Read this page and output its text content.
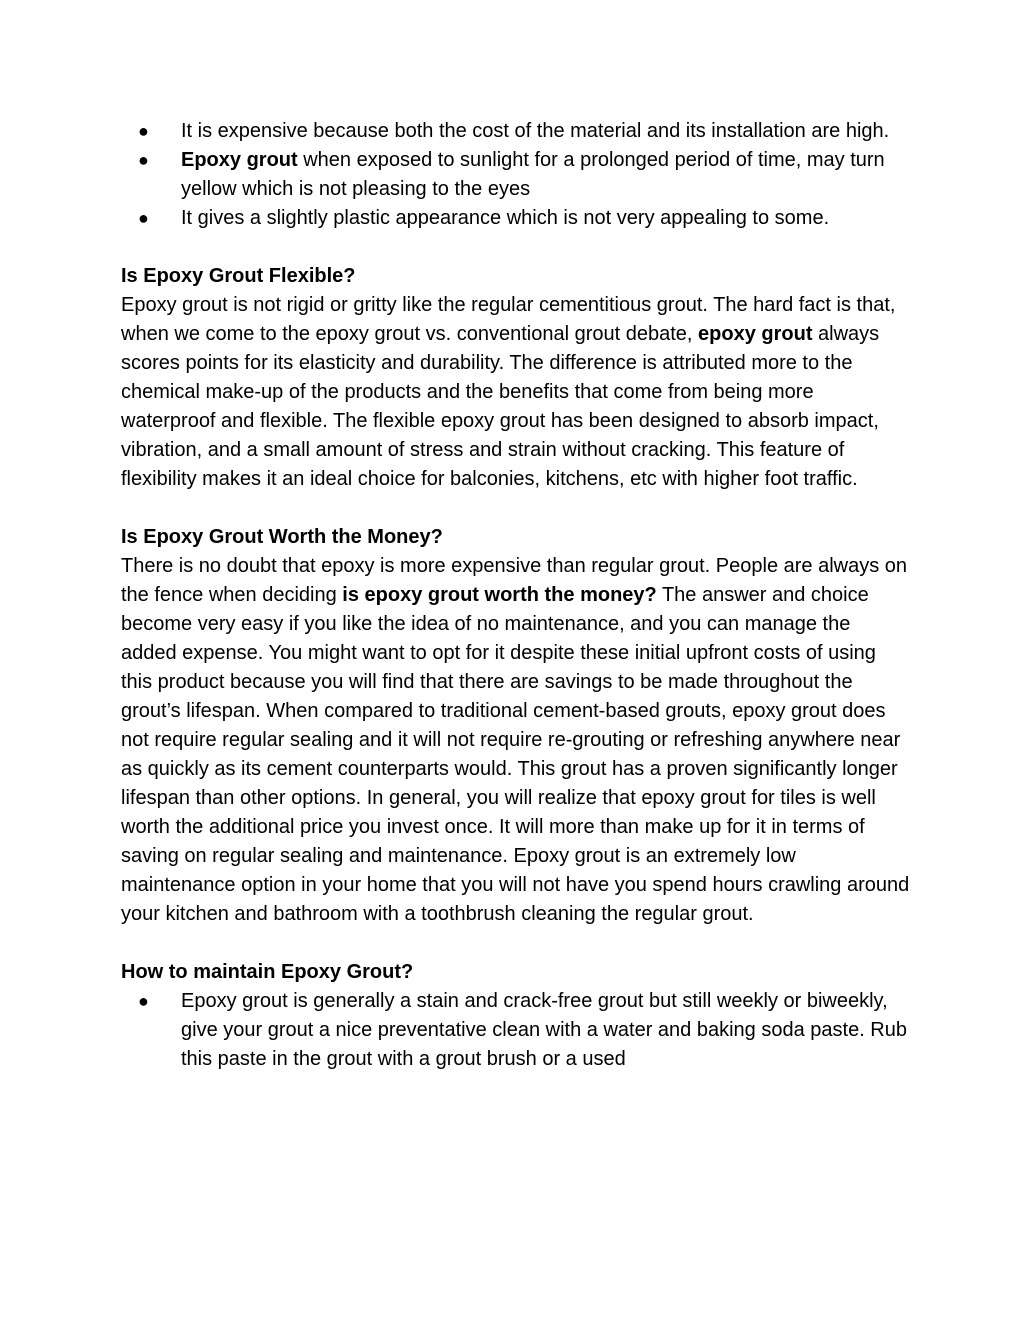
● It is expensive because both the cost of the material and its installation are high.
● Epoxy grout when exposed to sunlight for a prolonged period of time, may turn yellow which is not pleasing to the eyes
● It gives a slightly plastic appearance which is not very appealing to some.
Is Epoxy Grout Flexible?

Epoxy grout is not rigid or gritty like the regular cementitious grout. The hard fact is that, when we come to the epoxy grout vs. conventional grout debate, epoxy grout always scores points for its elasticity and durability. The difference is attributed more to the chemical make-up of the products and the benefits that come from being more waterproof and flexible. The flexible epoxy grout has been designed to absorb impact, vibration, and a small amount of stress and strain without cracking. This feature of flexibility makes it an ideal choice for balconies, kitchens, etc with higher foot traffic.

Is Epoxy Grout Worth the Money?

There is no doubt that epoxy is more expensive than regular grout. People are always on the fence when deciding is epoxy grout worth the money? The answer and choice become very easy if you like the idea of no maintenance, and you can manage the added expense. You might want to opt for it despite these initial upfront costs of using this product because you will find that there are savings to be made throughout the grout’s lifespan. When compared to traditional cement-based grouts, epoxy grout does not require regular sealing and it will not require re-grouting or refreshing anywhere near as quickly as its cement counterparts would. This grout has a proven significantly longer lifespan than other options. In general, you will realize that epoxy grout for tiles is well worth the additional price you invest once. It will more than make up for it in terms of saving on regular sealing and maintenance. Epoxy grout is an extremely low maintenance option in your home that you will not have you spend hours crawling around your kitchen and bathroom with a toothbrush cleaning the regular grout.

How to maintain Epoxy Grout?
● Epoxy grout is generally a stain and crack-free grout but still weekly or biweekly, give your grout a nice preventative clean with a water and baking soda paste. Rub this paste in the grout with a grout brush or a used
